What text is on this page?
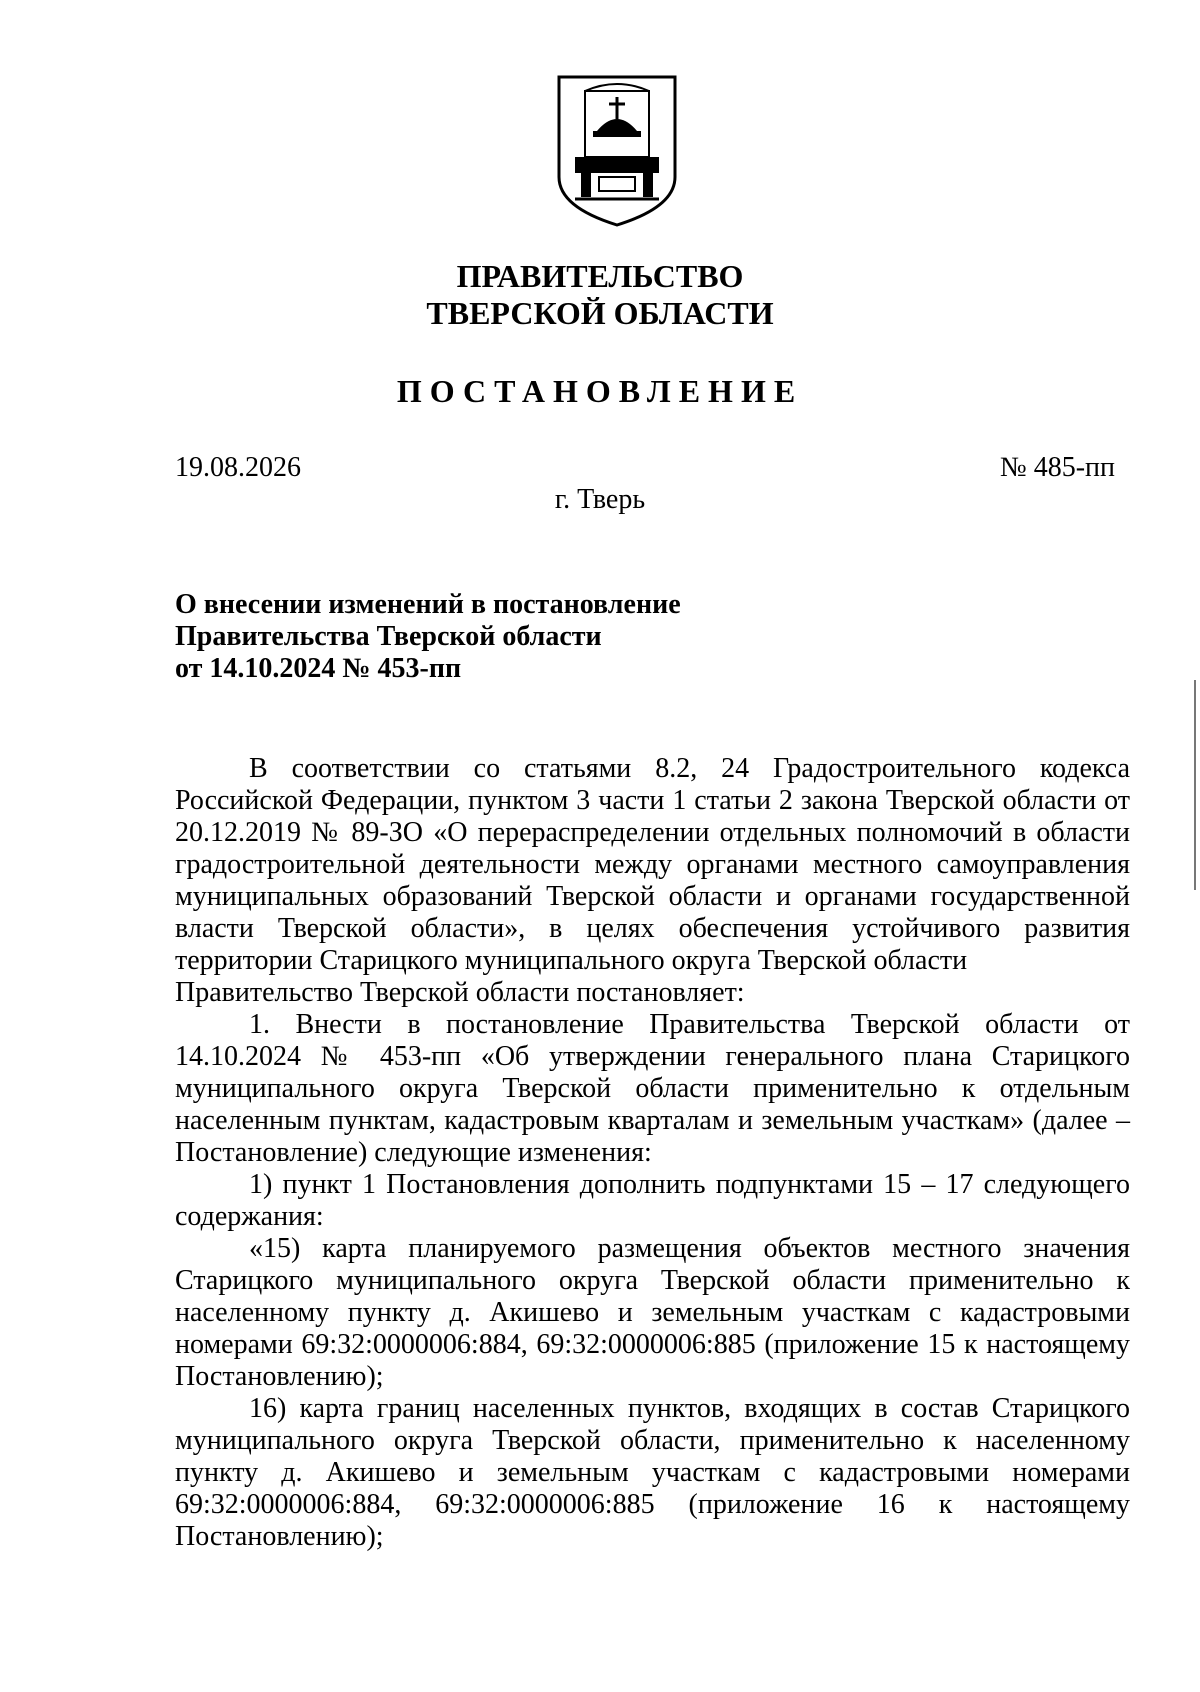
ПРАВИТЕЛЬСТВО
ТВЕРСКОЙ ОБЛАСТИ
ПОСТАНОВЛЕНИЕ
19.08.2026	№ 485-пп
г. Тверь
О внесении изменений в постановление
Правительства Тверской области
от 14.10.2024 № 453-пп

В соответствии со статьями 8.2, 24 Градостроительного кодекса Российской Федерации, пунктом 3 части 1 статьи 2 закона Тверской области от 20.12.2019 № 89-ЗО «О перераспределении отдельных полномочий в области градостроительной деятельности между органами местного самоуправления муниципальных образований Тверской области и органами государственной власти Тверской области», в целях обеспечения устойчивого развития территории Старицкого муниципального округа Тверской области

Правительство Тверской области постановляет:

1. Внести в постановление Правительства Тверской области от 14.10.2024 № 453-пп «Об утверждении генерального плана Старицкого муниципального округа Тверской области применительно к отдельным населенным пунктам, кадастровым кварталам и земельным участкам» (далее – Постановление) следующие изменения:

1) пункт 1 Постановления дополнить подпунктами 15 – 17 следующего содержания:

«15) карта планируемого размещения объектов местного значения Старицкого муниципального округа Тверской области применительно к населенному пункту д. Акишево и земельным участкам с кадастровыми номерами 69:32:0000006:884, 69:32:0000006:885 (приложение 15 к настоящему Постановлению);

16) карта границ населенных пунктов, входящих в состав Старицкого муниципального округа Тверской области, применительно к населенному пункту д. Акишево и земельным участкам с кадастровыми номерами 69:32:0000006:884, 69:32:0000006:885 (приложение 16 к настоящему Постановлению);
